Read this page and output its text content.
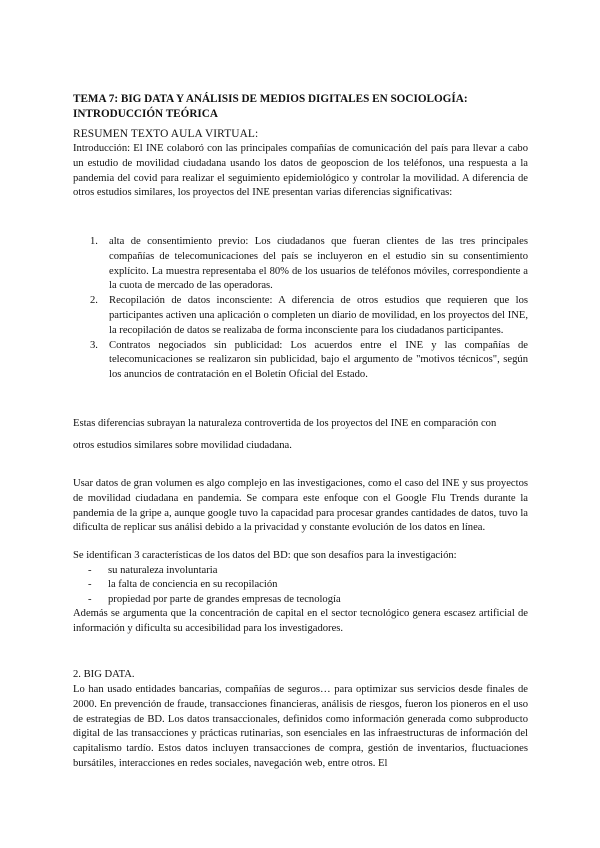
TEMA 7: BIG DATA Y ANÁLISIS DE MEDIOS DIGITALES EN SOCIOLOGÍA: INTRODUCCIÓN TEÓRICA
RESUMEN TEXTO AULA VIRTUAL:
Introducción: El INE colaboró con las principales compañías de comunicación del país para llevar a cabo un estudio de movilidad ciudadana usando los datos de geoposcion de los teléfonos, una respuesta a la pandemia del covid para realizar el seguimiento epidemiológico y controlar la movilidad. A diferencia de otros estudios similares, los proyectos del INE presentan varias diferencias significativas:
1. alta de consentimiento previo: Los ciudadanos que fueran clientes de las tres principales compañías de telecomunicaciones del país se incluyeron en el estudio sin su consentimiento explícito. La muestra representaba el 80% de los usuarios de teléfonos móviles, correspondiente a la cuota de mercado de las operadoras.
2. Recopilación de datos inconsciente: A diferencia de otros estudios que requieren que los participantes activen una aplicación o completen un diario de movilidad, en los proyectos del INE, la recopilación de datos se realizaba de forma inconsciente para los ciudadanos participantes.
3. Contratos negociados sin publicidad: Los acuerdos entre el INE y las compañías de telecomunicaciones se realizaron sin publicidad, bajo el argumento de "motivos técnicos", según los anuncios de contratación en el Boletín Oficial del Estado.
Estas diferencias subrayan la naturaleza controvertida de los proyectos del INE en comparación con
otros estudios similares sobre movilidad ciudadana.
Usar datos de gran volumen es algo complejo en las investigaciones, como el caso del INE y sus proyectos de movilidad ciudadana en pandemia. Se compara este enfoque con el Google Flu Trends durante la pandemia de la gripe a, aunque google tuvo la capacidad para procesar grandes cantidades de datos, tuvo la dificulta de replicar sus análisi debido a la privacidad y constante evolución de los datos en línea.
Se identifican 3 características de los datos del BD: que son desafíos para la investigación:
- su naturaleza involuntaria
- la falta de conciencia en su recopilación
- propiedad por parte de grandes empresas de tecnología
Además se argumenta que la concentración de capital en el sector tecnológico genera escasez artificial de información y dificulta su accesibilidad para los investigadores.
2. BIG DATA.
Lo han usado entidades bancarias, compañías de seguros… para optimizar sus servicios desde finales de 2000. En prevención de fraude, transacciones financieras, análisis de riesgos, fueron los pioneros en el uso de estrategias de BD. Los datos transaccionales, definidos como información generada como subproducto digital de las transacciones y prácticas rutinarias, son esenciales en las infraestructuras de información del capitalismo tardío. Estos datos incluyen transacciones de compra, gestión de inventarios, fluctuaciones bursátiles, interacciones en redes sociales, navegación web, entre otros. El
